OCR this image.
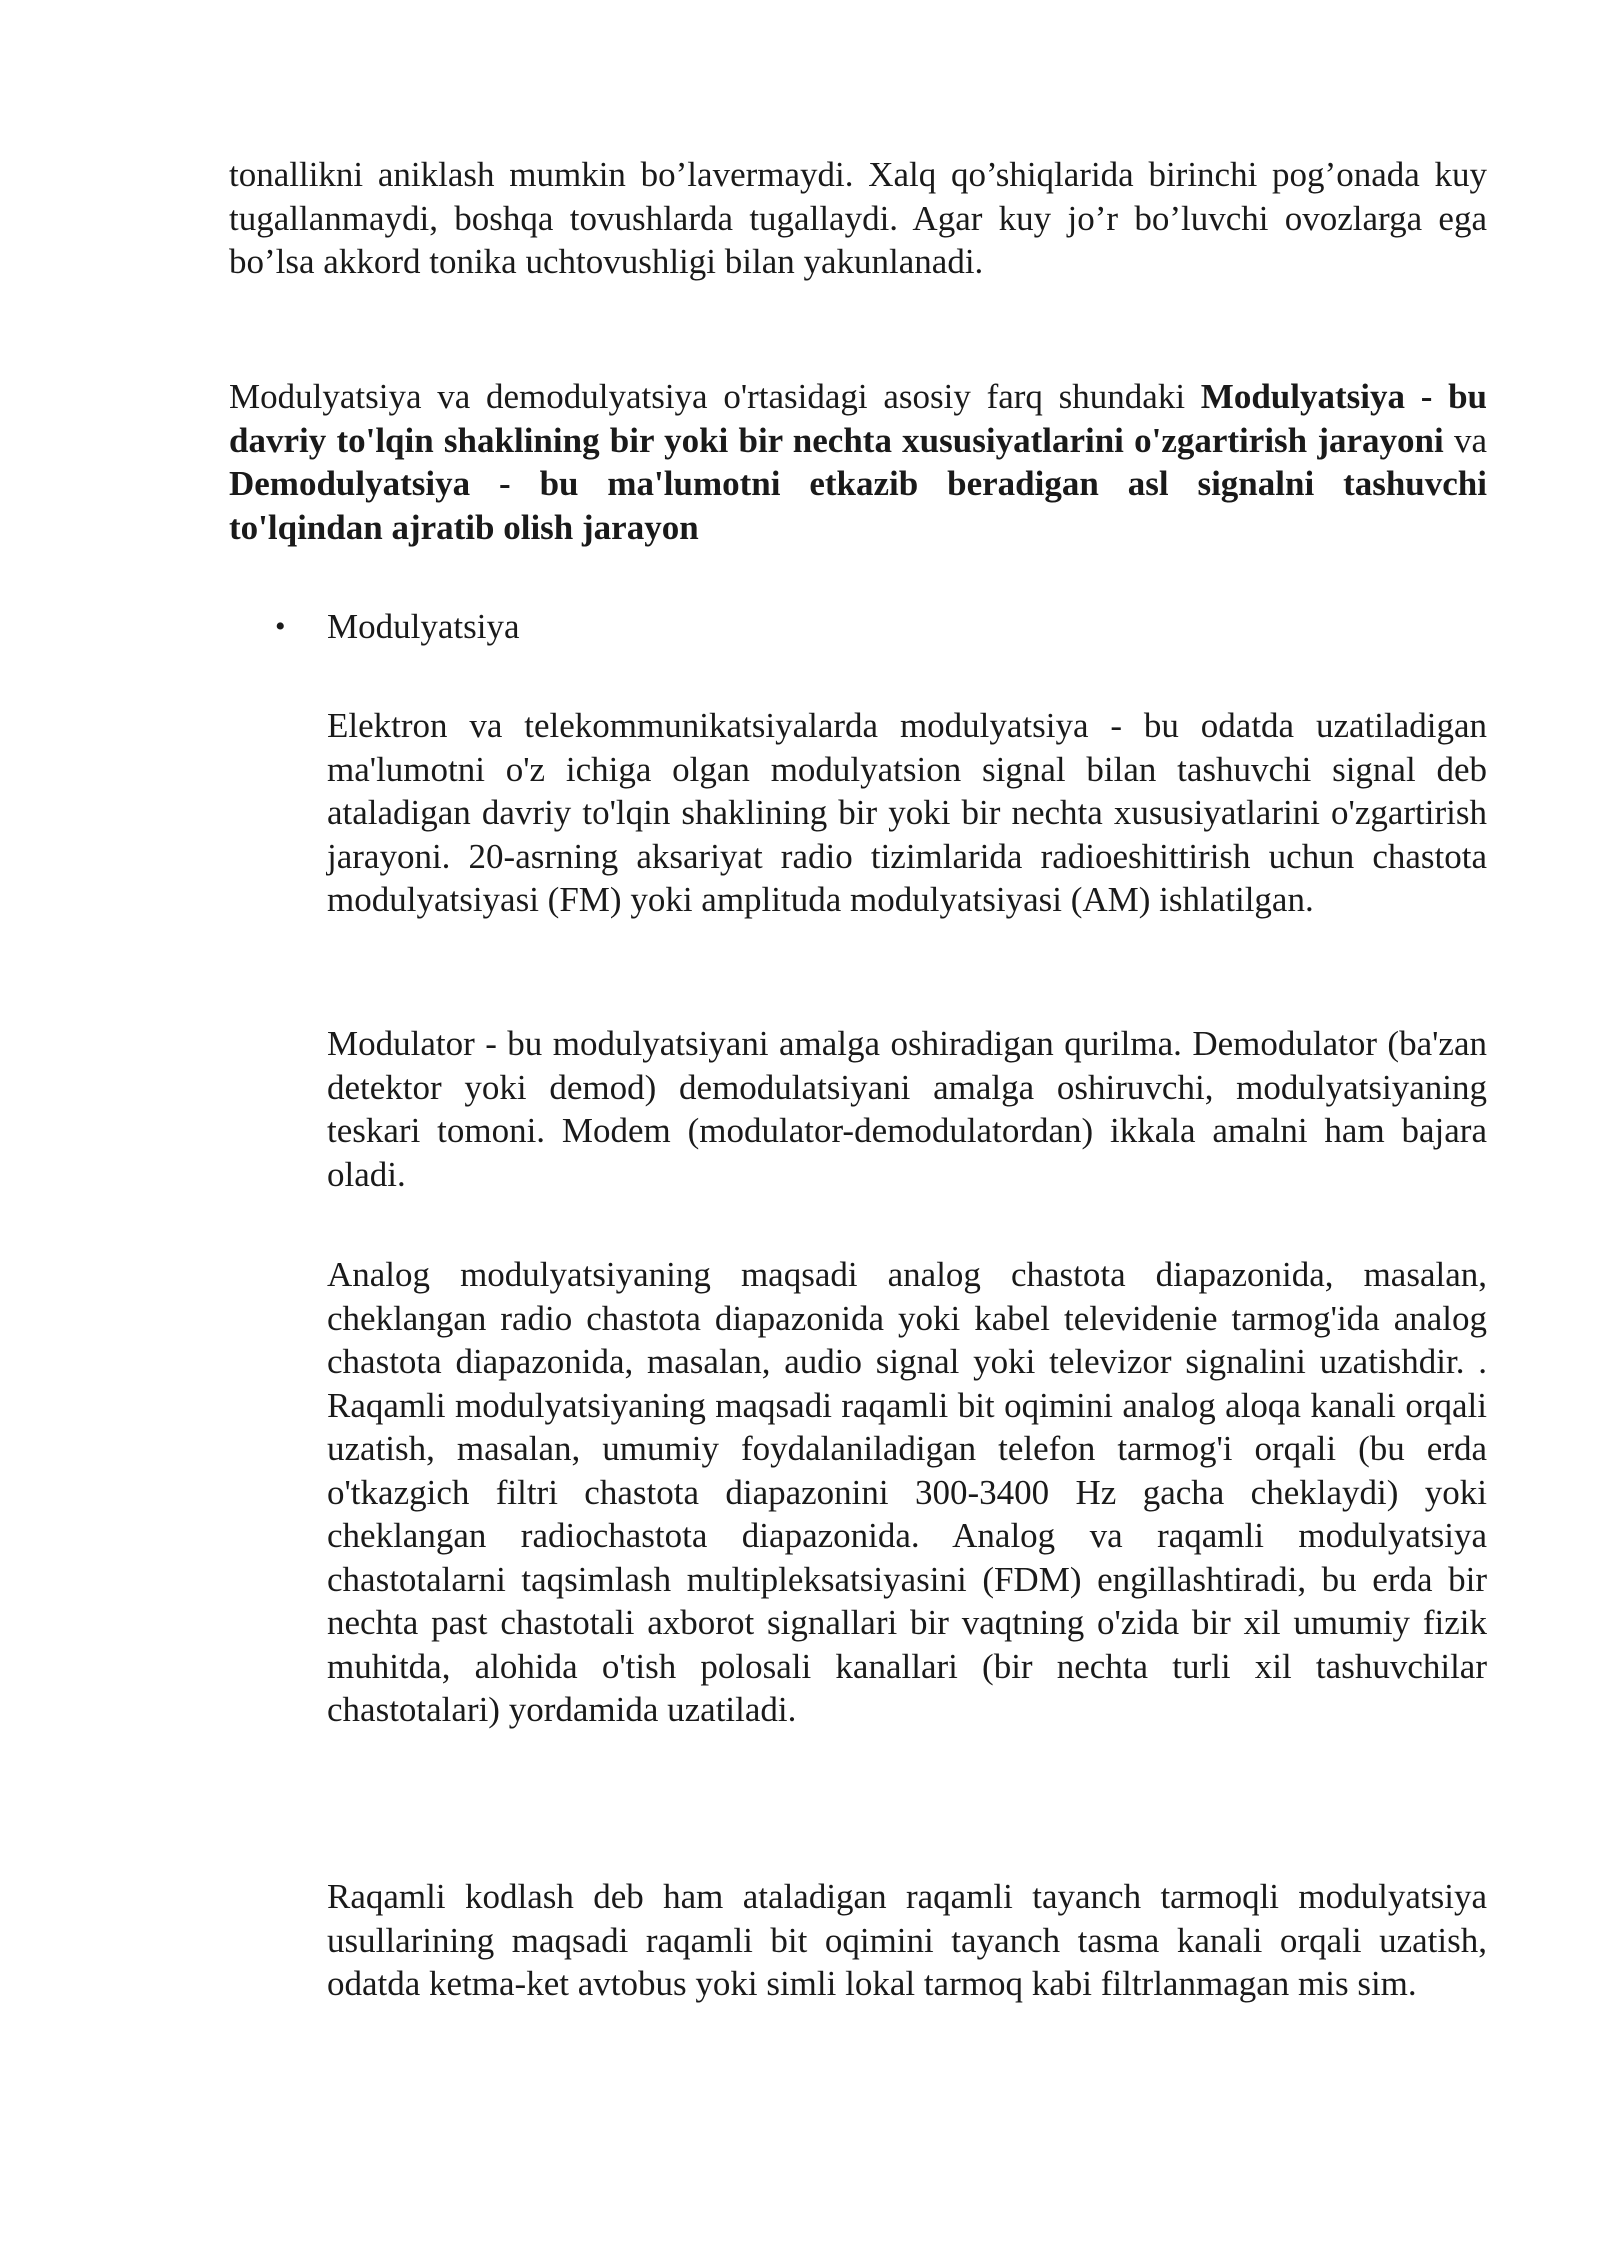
tonallikni aniklash mumkin bo’lavermaydi. Xalq qo’shiqlarida birinchi pog’onada kuy tugallanmaydi, boshqa tovushlarda tugallaydi. Agar kuy jo’r bo’luvchi ovozlarga ega bo’lsa akkord tonika uchtovushligi bilan yakunlanadi.

Modulyatsiya va demodulyatsiya o'rtasidagi asosiy farq shundaki Modulyatsiya - bu davriy to'lqin shaklining bir yoki bir nechta xususiyatlarini o'zgartirish jarayoni va Demodulyatsiya - bu ma'lumotni etkazib beradigan asl signalni tashuvchi to'lqindan ajratib olish jarayon

• Modulyatsiya

Elektron va telekommunikatsiyalarda modulyatsiya - bu odatda uzatiladigan ma'lumotni o'z ichiga olgan modulyatsion signal bilan tashuvchi signal deb ataladigan davriy to'lqin shaklining bir yoki bir nechta xususiyatlarini o'zgartirish jarayoni. 20-asrning aksariyat radio tizimlarida radioeshittirish uchun chastota modulyatsiyasi (FM) yoki amplituda modulyatsiyasi (AM) ishlatilgan.

Modulator - bu modulyatsiyani amalga oshiradigan qurilma. Demodulator (ba'zan detektor yoki demod) demodulatsiyani amalga oshiruvchi, modulyatsiyaning teskari tomoni. Modem (modulator-demodulatordan) ikkala amalni ham bajara oladi.

Analog modulyatsiyaning maqsadi analog chastota diapazonida, masalan, cheklangan radio chastota diapazonida yoki kabel televidenie tarmog'ida analog chastota diapazonida, masalan, audio signal yoki televizor signalini uzatishdir. . Raqamli modulyatsiyaning maqsadi raqamli bit oqimini analog aloqa kanali orqali uzatish, masalan, umumiy foydalaniladigan telefon tarmog'i orqali (bu erda o'tkazgich filtri chastota diapazonini 300-3400 Hz gacha cheklaydi) yoki cheklangan radiochastota diapazonida. Analog va raqamli modulyatsiya chastotalarni taqsimlash multipleksatsiyasini (FDM) engillashtiradi, bu erda bir nechta past chastotali axborot signallari bir vaqtning o'zida bir xil umumiy fizik muhitda, alohida o'tish polosali kanallari (bir nechta turli xil tashuvchilar chastotalari) yordamida uzatiladi.

Raqamli kodlash deb ham ataladigan raqamli tayanch tarmoqli modulyatsiya usullarining maqsadi raqamli bit oqimini tayanch tasma kanali orqali uzatish, odatda ketma-ket avtobus yoki simli lokal tarmoq kabi filtrlanmagan mis sim.
